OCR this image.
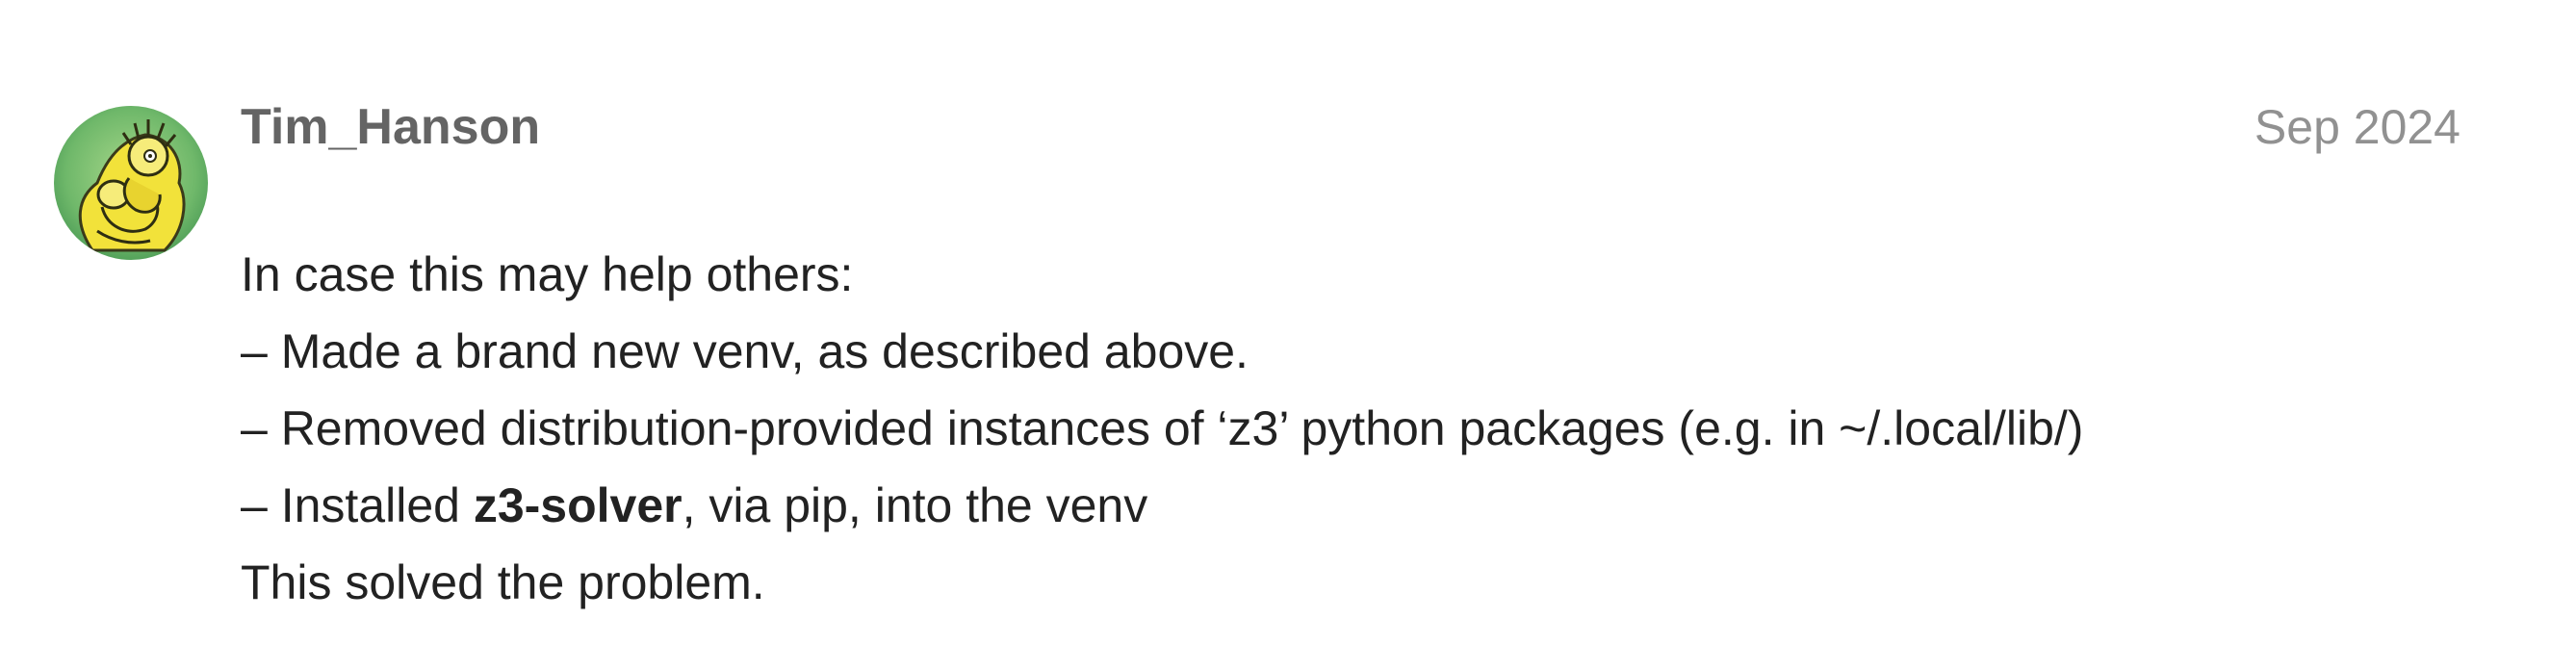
Tim_Hanson	Sep 2024

In case this may help others:

– Made a brand new venv, as described above.

– Removed distribution-provided instances of ‘z3’ python packages (e.g. in ~/.local/lib/)

– Installed z3-solver, via pip, into the venv

This solved the problem.
